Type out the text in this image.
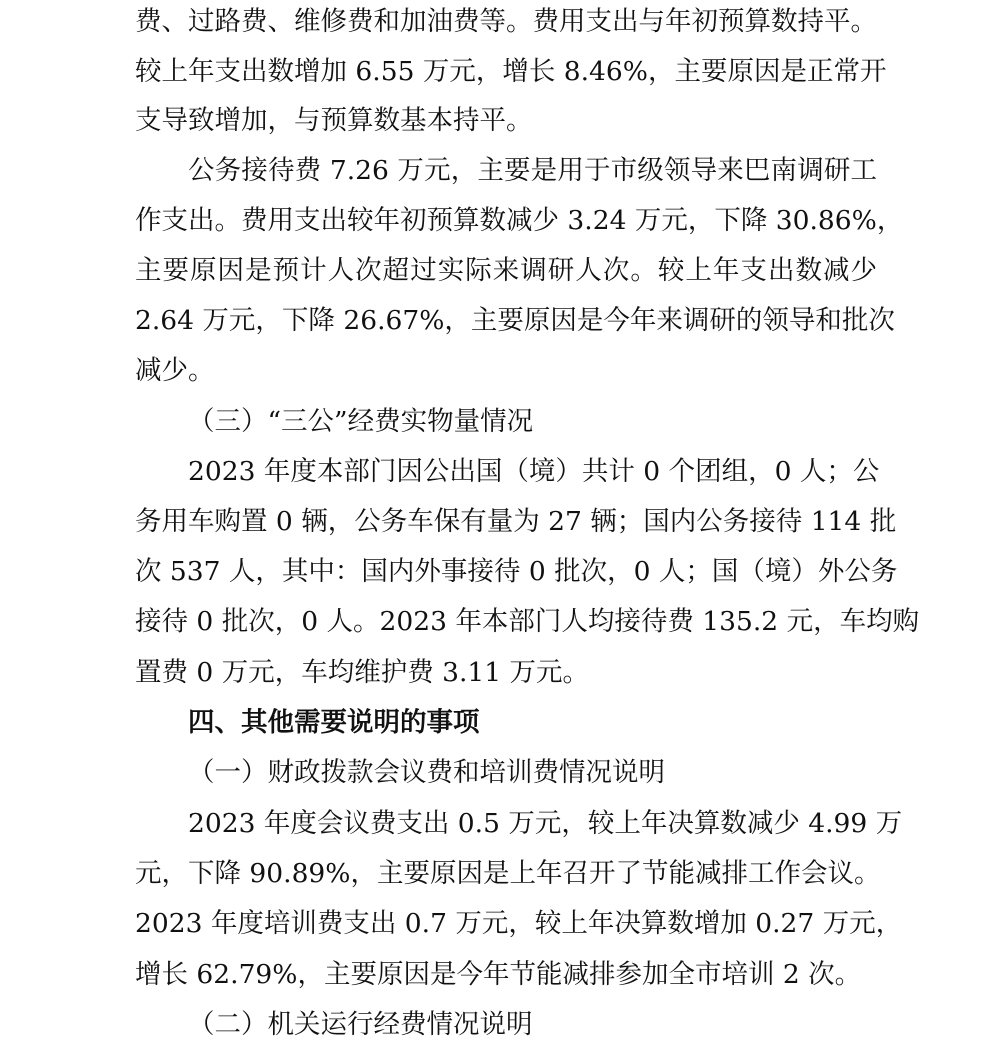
费、过路费、维修费和加油费等。费用支出与年初预算数持平。
较上年支出数增加 6.55 万元，增长 8.46%，主要原因是正常开
支导致增加，与预算数基本持平。
公务接待费 7.26 万元，主要是用于市级领导来巴南调研工
作支出。费用支出较年初预算数减少 3.24 万元，下降 30.86%，
主要原因是预计人次超过实际来调研人次。较上年支出数减少
2.64 万元，下降 26.67%，主要原因是今年来调研的领导和批次
减少。
（三）“三公”经费实物量情况
2023 年度本部门因公出国（境）共计 0 个团组，0 人；公
务用车购置 0 辆，公务车保有量为 27 辆；国内公务接待 114 批
次 537 人，其中：国内外事接待 0 批次，0 人；国（境）外公务
接待 0 批次，0 人。2023 年本部门人均接待费 135.2 元，车均购
置费 0 万元，车均维护费 3.11 万元。
四、其他需要说明的事项
（一）财政拨款会议费和培训费情况说明
2023 年度会议费支出 0.5 万元，较上年决算数减少 4.99 万
元，下降 90.89%，主要原因是上年召开了节能减排工作会议。
2023 年度培训费支出 0.7 万元，较上年决算数增加 0.27 万元，
增长 62.79%，主要原因是今年节能减排参加全市培训 2 次。
（二）机关运行经费情况说明
